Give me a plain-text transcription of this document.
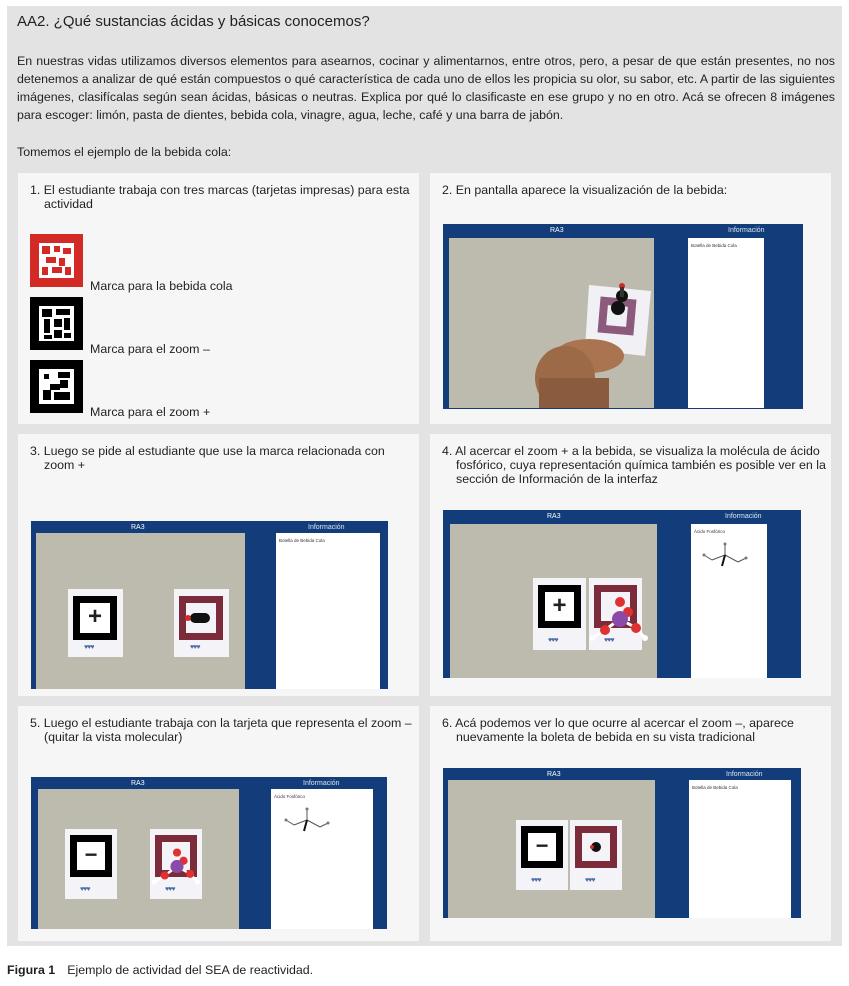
AA2. ¿Qué sustancias ácidas y básicas conocemos?

En nuestras vidas utilizamos diversos elementos para asearnos, cocinar y alimentarnos, entre otros, pero, a pesar de que están presentes, no nos detenemos a analizar de qué están compuestos o qué característica de cada uno de ellos les propicia su olor, su sabor, etc. A partir de las siguientes imágenes, clasifícalas según sean ácidas, básicas o neutras. Explica por qué lo clasificaste en ese grupo y no en otro. Acá se ofrecen 8 imágenes para escoger: limón, pasta de dientes, bebida cola, vinagre, agua, leche, café y una barra de jabón.

Tomemos el ejemplo de la bebida cola:
1. El estudiante trabaja con tres marcas (tarjetas impresas) para esta actividad
Marca para la bebida cola
Marca para el zoom –
Marca para el zoom +
2. En pantalla aparece la visualización de la bebida:
RA3	Información
Botella de Bebida Cola
3. Luego se pide al estudiante que use la marca relacionada con zoom +
RA3	Información
+
♥♥♥	♥♥♥
Botella de Bebida Cola
4. Al acercar el zoom + a la bebida, se visualiza la molécula de ácido fosfórico, cuya representación química también es posible ver en la sección de Información de la interfaz
RA3	Información
+
♥♥♥	♥♥♥
Ácido Fosfórico
5. Luego el estudiante trabaja con la tarjeta que representa el zoom – (quitar la vista molecular)
RA3	Información
−
♥♥♥	♥♥♥
Ácido Fosfórico
6. Acá podemos ver lo que ocurre al acercar el zoom –, aparece nuevamente la boleta de bebida en su vista tradicional
RA3	Información
−
♥♥♥	♥♥♥
Botella de Bebida Cola
Figura 1 Ejemplo de actividad del SEA de reactividad.
